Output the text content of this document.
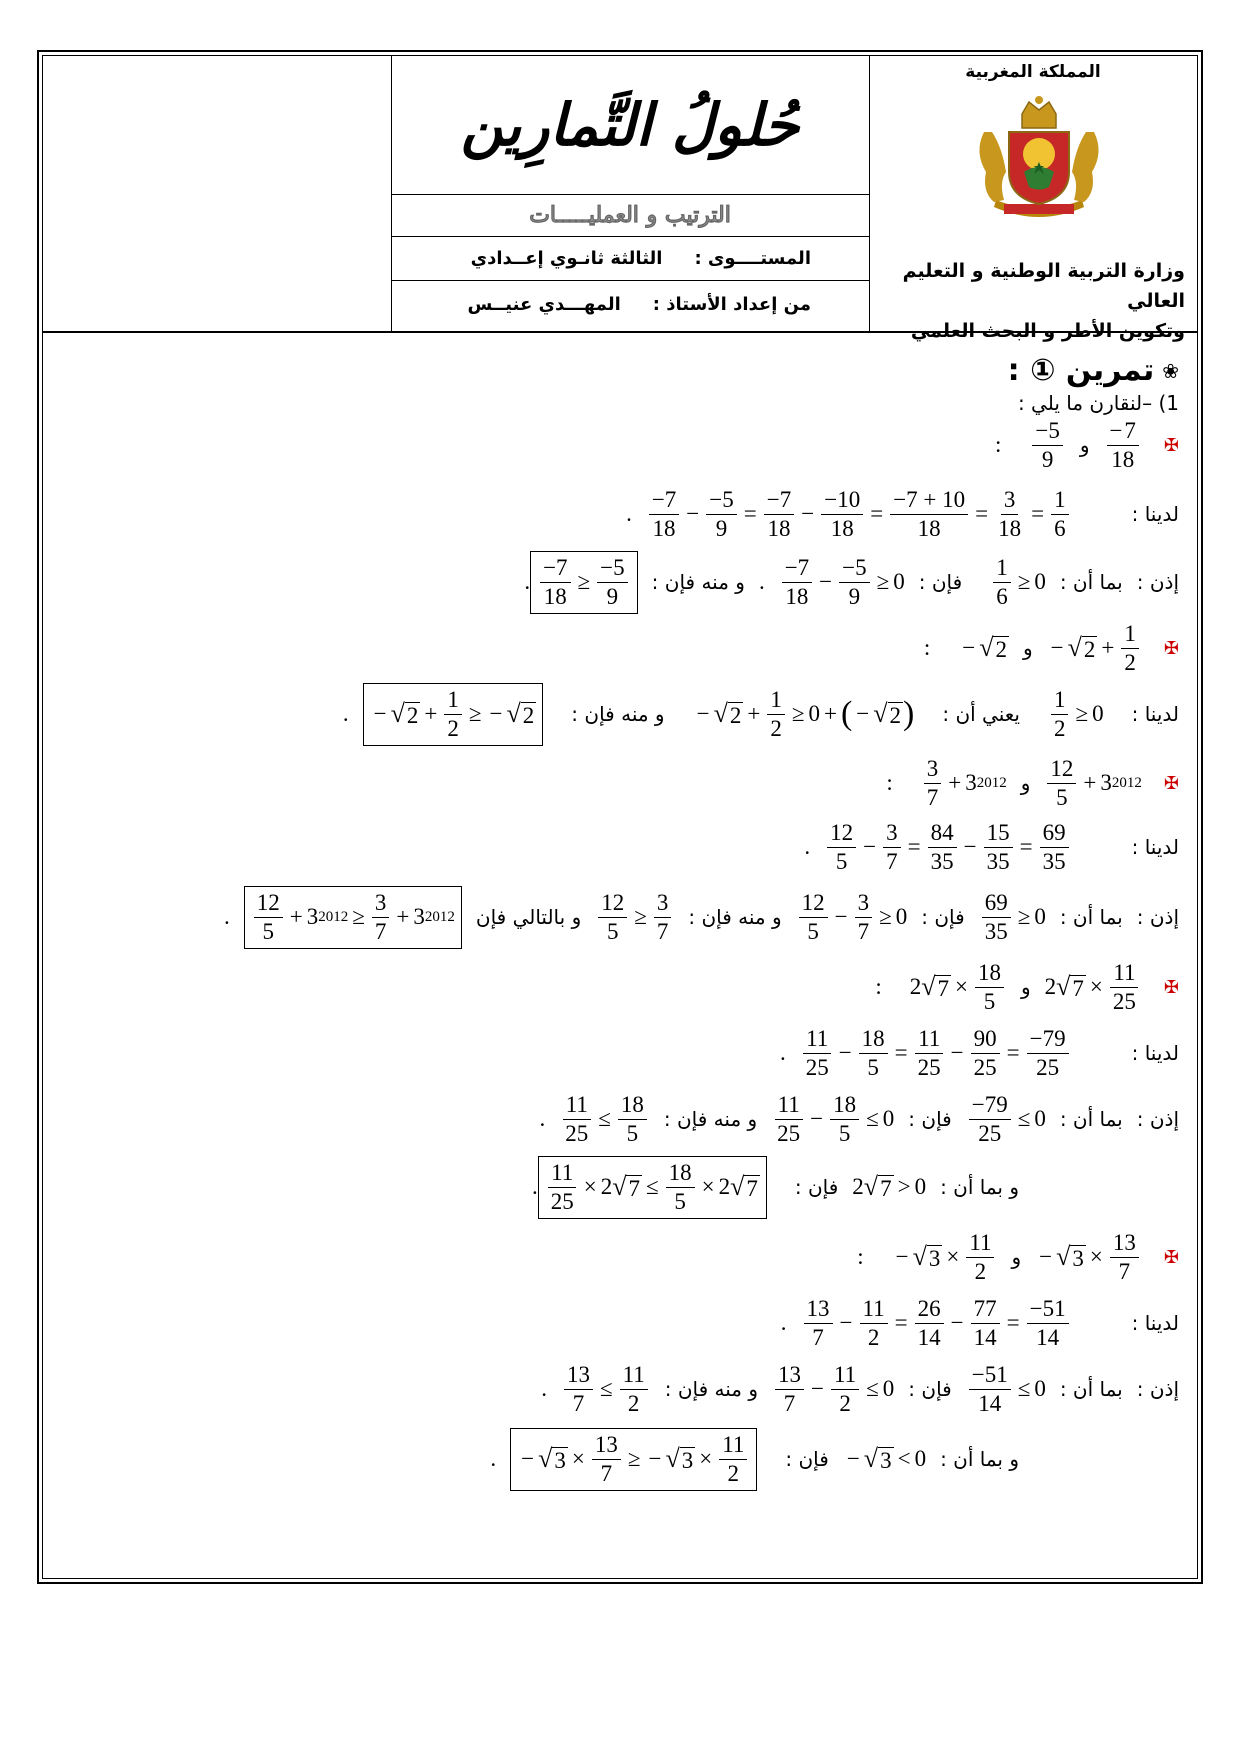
المملكة المغربية
وزارة التربية الوطنية و التعليم العالي
وتكوين الأطر و البحث العلمي
حُلولُ التَّمارِين
الترتيب و العمليـــــات
المستــــوى :
الثالثة ثانـوي إعــدادي
من إعداد الأستاذ :
المهـــدي عنيــس
❀
تمرين ① :
1) –لنقارن ما يلي :
✠
$\frac{- 7}{18}$
و
$\frac{-5}{9}$
:
لدينا :
$\frac{-7}{18} - \frac{-5}{9} = \frac{-7}{18} - \frac{-10}{18} = \frac{-7 + 10}{18} = \frac{3}{18} = \frac{1}{6}$
.
إذن :
بما أن :
$\frac{1}{6} \ge 0$
فإن :
$\frac{-7}{18} - \frac{-5}{9} \ge 0$
.
و منه فإن :
$\frac{-7}{18} \ge \frac{-5}{9}$
.
✠
− √ $2 + \frac{1}{2}$
و
− √ 2
:
لدينا :
$\frac{1}{2} \ge 0$
يعني أن :
− √ $2 + \frac{1}{2} \ge 0$ + ( − √ 2 )
و منه فإن :
− √ $2 + \frac{1}{2}$ ≥ − √ 2
.
✠
$\frac{12}{5} + 3$ 2012
و
$\frac{3}{7} + 3$ 2012
:
لدينا :
$\frac{12}{5} - \frac{3}{7} = \frac{84}{35} - \frac{15}{35} = \frac{69}{35}$
.
إذن :
بما أن :
$\frac{69}{35} \ge 0$
فإن :
$\frac{12}{5} - \frac{3}{7} \ge 0$
و منه فإن :
$\frac{12}{5} \ge \frac{3}{7}$
و بالتالي فإن
$\frac{12}{5} + 3$ $2012 \ge \frac{3}{7} + 3$ 2012
.
✠
2 √ $7 \times \frac{11}{25}$
و
2 √ $7 \times \frac{18}{5}$
:
لدينا :
$\frac{11}{25} - \frac{18}{5} = \frac{11}{25} - \frac{90}{25} = \frac{-79}{25}$
.
إذن :
بما أن :
$\frac{-79}{25} \le 0$
فإن :
$\frac{11}{25} - \frac{18}{5} \le 0$
و منه فإن :
$\frac{11}{25} \le \frac{18}{5}$
.
و بما أن :
2 √ 7 > 0
فإن :
$\frac{11}{25} \times 2$ √ $7 \le \frac{18}{5} \times 2$ √ 7
.
✠
− √ $3 \times \frac{13}{7}$
و
− √ $3 \times \frac{11}{2}$
:
لدينا :
$\frac{13}{7} - \frac{11}{2} = \frac{26}{14} - \frac{77}{14} = \frac{-51}{14}$
.
إذن :
بما أن :
$\frac{-51}{14} \le 0$
فإن :
$\frac{13}{7} - \frac{11}{2} \le 0$
و منه فإن :
$\frac{13}{7} \le \frac{11}{2}$
.
و بما أن :
− √ 3 < 0
فإن :
− √ $3 \times \frac{13}{7}$ ≥ − √ $3 \times \frac{11}{2}$
.
